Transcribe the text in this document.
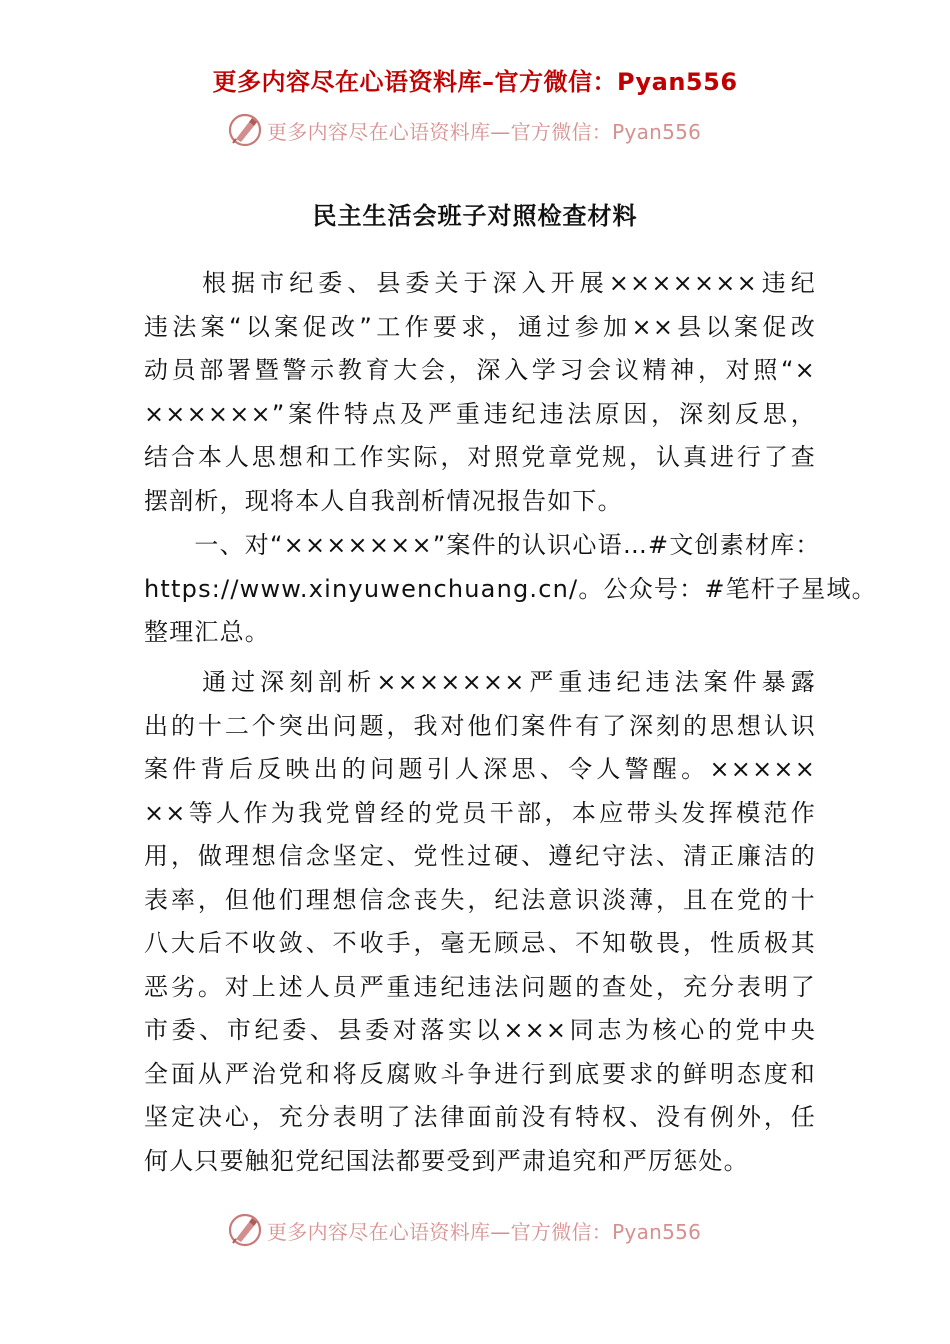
更多内容尽在心语资料库–官方微信：Pyan556
更多内容尽在心语资料库—官方微信：Pyan556
民主生活会班子对照检查材料
　　根据市纪委、县委关于深入开展×××××××违纪
违法案“以案促改”工作要求，通过参加××县以案促改
动员部署暨警示教育大会，深入学习会议精神，对照“×
××××××”案件特点及严重违纪违法原因，深刻反思，
结合本人思想和工作实际，对照党章党规，认真进行了查
摆剖析，现将本人自我剖析情况报告如下。
　　一、对“×××××××”案件的认识心语…#文创素材库：
https://www.xinyuwenchuang.cn/。公众号：#笔杆子星域。
整理汇总。
　　通过深刻剖析×××××××严重违纪违法案件暴露
出的十二个突出问题，我对他们案件有了深刻的思想认识
案件背后反映出的问题引人深思、令人警醒。×××××
××等人作为我党曾经的党员干部，本应带头发挥模范作
用，做理想信念坚定、党性过硬、遵纪守法、清正廉洁的
表率，但他们理想信念丧失，纪法意识淡薄，且在党的十
八大后不收敛、不收手，毫无顾忌、不知敬畏，性质极其
恶劣。对上述人员严重违纪违法问题的查处，充分表明了
市委、市纪委、县委对落实以×××同志为核心的党中央
全面从严治党和将反腐败斗争进行到底要求的鲜明态度和
坚定决心，充分表明了法律面前没有特权、没有例外，任
何人只要触犯党纪国法都要受到严肃追究和严厉惩处。
更多内容尽在心语资料库—官方微信：Pyan556
